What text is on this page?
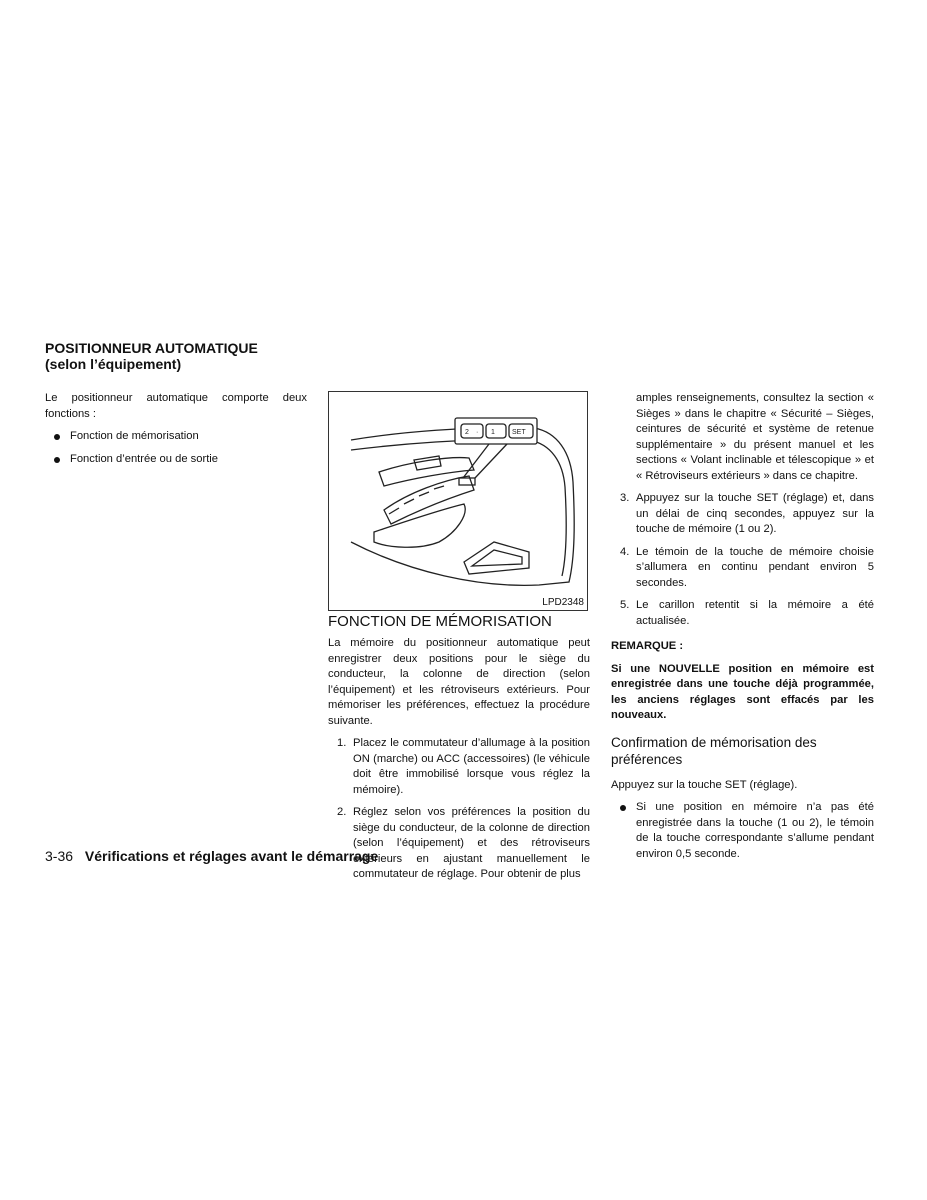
POSITIONNEUR AUTOMATIQUE
(selon l’équipement)

Le positionneur automatique comporte deux fonctions :

Fonction de mémorisation
Fonction d’entrée ou de sortie
2 · 1 SET
LPD2348
FONCTION DE MÉMORISATION

La mémoire du positionneur automatique peut enregistrer deux positions pour le siège du conducteur, la colonne de direction (selon l’équipement) et les rétroviseurs extérieurs. Pour mémoriser les préférences, effectuez la procédure suivante.

1. Placez le commutateur d’allumage à la position ON (marche) ou ACC (accessoires) (le véhicule doit être immobilisé lorsque vous réglez la mémoire).
2. Réglez selon vos préférences la position du siège du conducteur, de la colonne de direction (selon l’équipement) et des rétroviseurs extérieurs en ajustant manuellement le commutateur de réglage. Pour obtenir de plus
amples renseignements, consultez la section « Sièges » dans le chapitre « Sécurité – Sièges, ceintures de sécurité et système de retenue supplémentaire » du présent manuel et les sections « Volant inclinable et télescopique » et « Rétroviseurs extérieurs » dans ce chapitre.
3. Appuyez sur la touche SET (réglage) et, dans un délai de cinq secondes, appuyez sur la touche de mémoire (1 ou 2).
4. Le témoin de la touche de mémoire choisie s’allumera en continu pendant environ 5 secondes.
5. Le carillon retentit si la mémoire a été actualisée.

REMARQUE :

Si une NOUVELLE position en mémoire est enregistrée dans une touche déjà programmée, les anciens réglages sont effacés par les nouveaux.

Confirmation de mémorisation des préférences

Appuyez sur la touche SET (réglage).

Si une position en mémoire n’a pas été enregistrée dans la touche (1 ou 2), le témoin de la touche correspondante s’allume pendant environ 0,5 seconde.
3-36 Vérifications et réglages avant le démarrage
